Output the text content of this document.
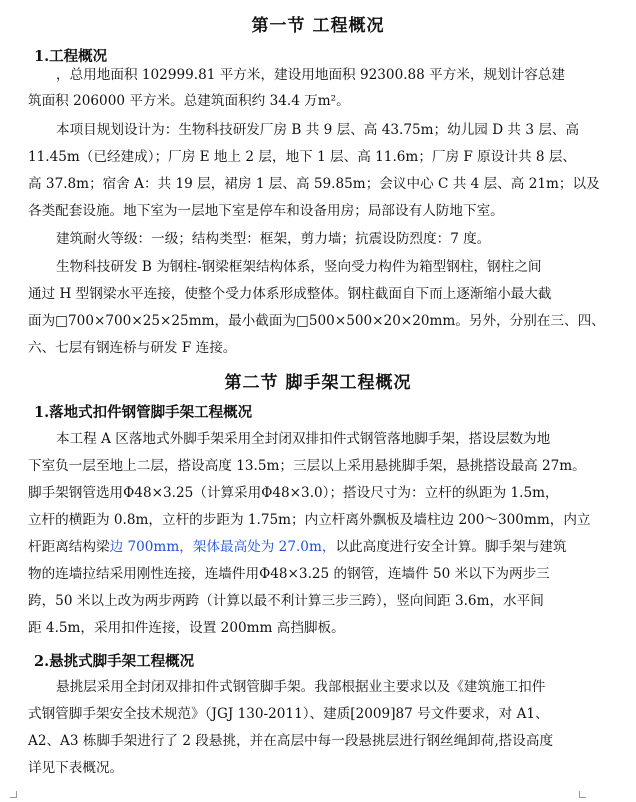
第一节 工程概况
1.工程概况
，总用地面积 102999.81 平方米，建设用地面积 92300.88 平方米，规划计容总建
筑面积 206000 平方米。总建筑面积约 34.4 万m²。
本项目规划设计为：生物科技研发厂房 B 共 9 层、高 43.75m；幼儿园 D 共 3 层、高
11.45m（已经建成）；厂房 E 地上 2 层，地下 1 层、高 11.6m；厂房 F 原设计共 8 层、
高 37.8m；宿舍 A：共 19 层，裙房 1 层、高 59.85m；会议中心 C 共 4 层、高 21m；以及
各类配套设施。地下室为一层地下室是停车和设备用房；局部设有人防地下室。
建筑耐火等级：一级；结构类型：框架，剪力墙；抗震设防烈度：7 度。
生物科技研发 B 为钢柱-钢梁框架结构体系，竖向受力构件为箱型钢柱，钢柱之间
通过 H 型钢梁水平连接，使整个受力体系形成整体。钢柱截面自下而上逐渐缩小最大截
面为□700×700×25×25mm，最小截面为□500×500×20×20mm。另外，分别在三、四、
六、七层有钢连桥与研发 F 连接。
第二节 脚手架工程概况
1.落地式扣件钢管脚手架工程概况
本工程 A 区落地式外脚手架采用全封闭双排扣件式钢管落地脚手架，搭设层数为地
下室负一层至地上二层，搭设高度 13.5m；三层以上采用悬挑脚手架，悬挑搭设最高 27m。
脚手架钢管选用Φ48×3.25（计算采用Φ48×3.0）；搭设尺寸为：立杆的纵距为 1.5m，
立杆的横距为 0.8m，立杆的步距为 1.75m；内立杆离外飘板及墙柱边 200～300mm，内立
杆距离结构梁边 700mm，架体最高处为 27.0m，以此高度进行安全计算。脚手架与建筑
物的连墙拉结采用刚性连接，连墙件用Φ48×3.25 的钢管，连墙件 50 米以下为两步三
跨，50 米以上改为两步两跨（计算以最不利计算三步三跨），竖向间距 3.6m，水平间
距 4.5m，采用扣件连接，设置 200mm 高挡脚板。
2.悬挑式脚手架工程概况
悬挑层采用全封闭双排扣件式钢管脚手架。我部根据业主要求以及《建筑施工扣件
式钢管脚手架安全技术规范》（JGJ 130-2011）、建质[2009]87 号文件要求，对 A1、
A2、A3 栋脚手架进行了 2 段悬挑，并在高层中每一段悬挑层进行钢丝绳卸荷,搭设高度
详见下表概况。
